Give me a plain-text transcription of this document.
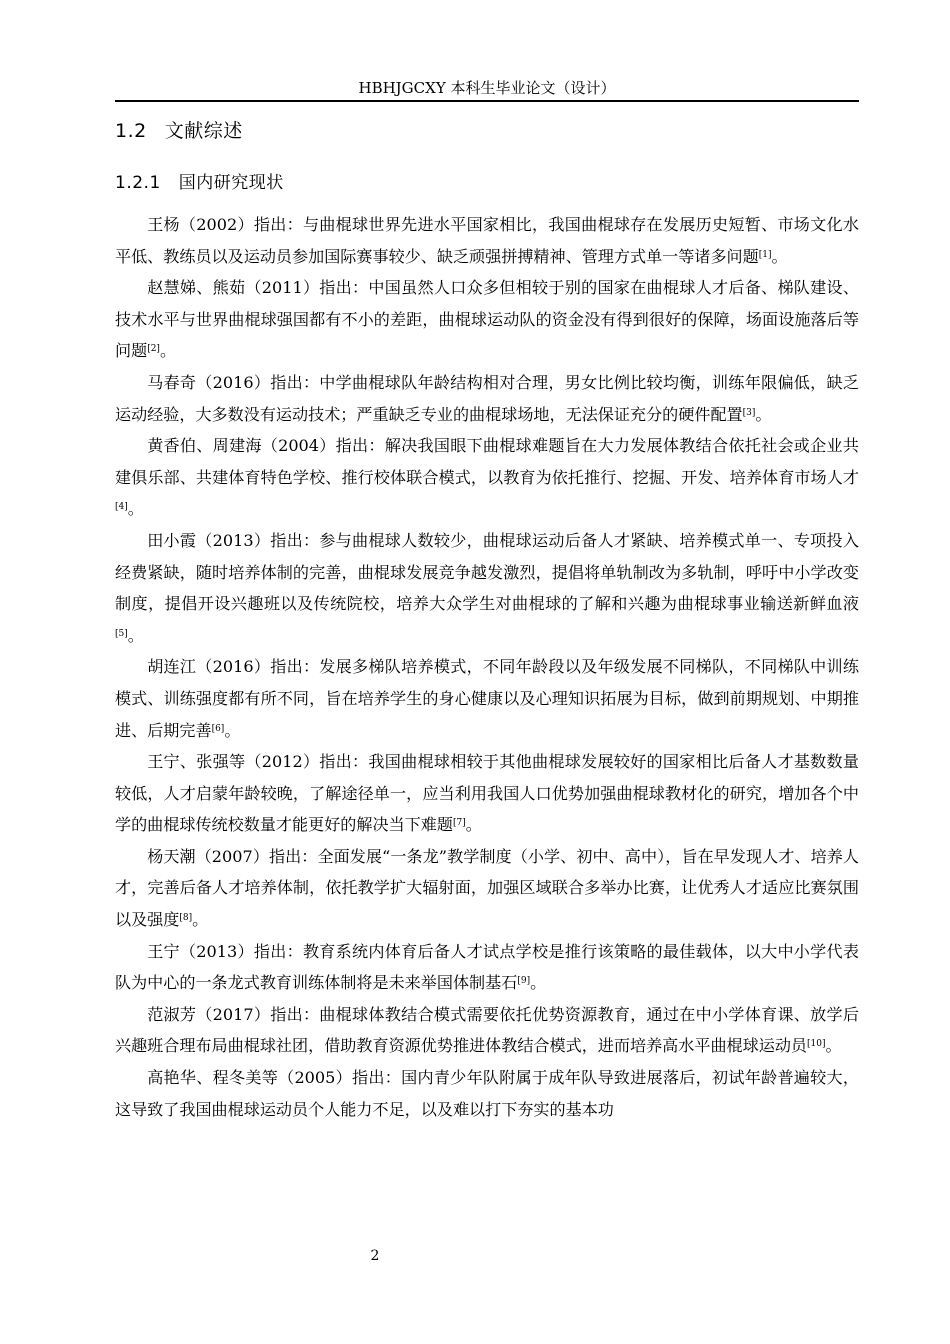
HBHJGCXY 本科生毕业论文（设计）
1.2 文献综述
1.2.1 国内研究现状

王杨（2002）指出：与曲棍球世界先进水平国家相比，我国曲棍球存在发展历史短暂、市场文化水平低、教练员以及运动员参加国际赛事较少、缺乏顽强拼搏精神、管理方式单一等诸多问题[1]。

赵慧娣、熊茹（2011）指出：中国虽然人口众多但相较于别的国家在曲棍球人才后备、梯队建设、技术水平与世界曲棍球强国都有不小的差距，曲棍球运动队的资金没有得到很好的保障，场面设施落后等问题[2]。

马春奇（2016）指出：中学曲棍球队年龄结构相对合理，男女比例比较均衡，训练年限偏低，缺乏运动经验，大多数没有运动技术；严重缺乏专业的曲棍球场地，无法保证充分的硬件配置[3]。

黄香伯、周建海（2004）指出：解决我国眼下曲棍球难题旨在大力发展体教结合依托社会或企业共建俱乐部、共建体育特色学校、推行校体联合模式，以教育为依托推行、挖掘、开发、培养体育市场人才[4]。

田小霞（2013）指出：参与曲棍球人数较少，曲棍球运动后备人才紧缺、培养模式单一、专项投入经费紧缺，随时培养体制的完善，曲棍球发展竞争越发激烈，提倡将单轨制改为多轨制，呼吁中小学改变制度，提倡开设兴趣班以及传统院校，培养大众学生对曲棍球的了解和兴趣为曲棍球事业输送新鲜血液[5]。

胡连江（2016）指出：发展多梯队培养模式，不同年龄段以及年级发展不同梯队，不同梯队中训练模式、训练强度都有所不同，旨在培养学生的身心健康以及心理知识拓展为目标，做到前期规划、中期推进、后期完善[6]。

王宁、张强等（2012）指出：我国曲棍球相较于其他曲棍球发展较好的国家相比后备人才基数数量较低，人才启蒙年龄较晚，了解途径单一，应当利用我国人口优势加强曲棍球教材化的研究，增加各个中学的曲棍球传统校数量才能更好的解决当下难题[7]。

杨天潮（2007）指出：全面发展“一条龙”教学制度（小学、初中、高中），旨在早发现人才、培养人才，完善后备人才培养体制，依托教学扩大辐射面，加强区域联合多举办比赛，让优秀人才适应比赛氛围以及强度[8]。

王宁（2013）指出：教育系统内体育后备人才试点学校是推行该策略的最佳载体，以大中小学代表队为中心的一条龙式教育训练体制将是未来举国体制基石[9]。

范淑芳（2017）指出：曲棍球体教结合模式需要依托优势资源教育，通过在中小学体育课、放学后兴趣班合理布局曲棍球社团，借助教育资源优势推进体教结合模式，进而培养高水平曲棍球运动员[10]。

高艳华、程冬美等（2005）指出：国内青少年队附属于成年队导致进展落后，初试年龄普遍较大，这导致了我国曲棍球运动员个人能力不足，以及难以打下夯实的基本功

2
